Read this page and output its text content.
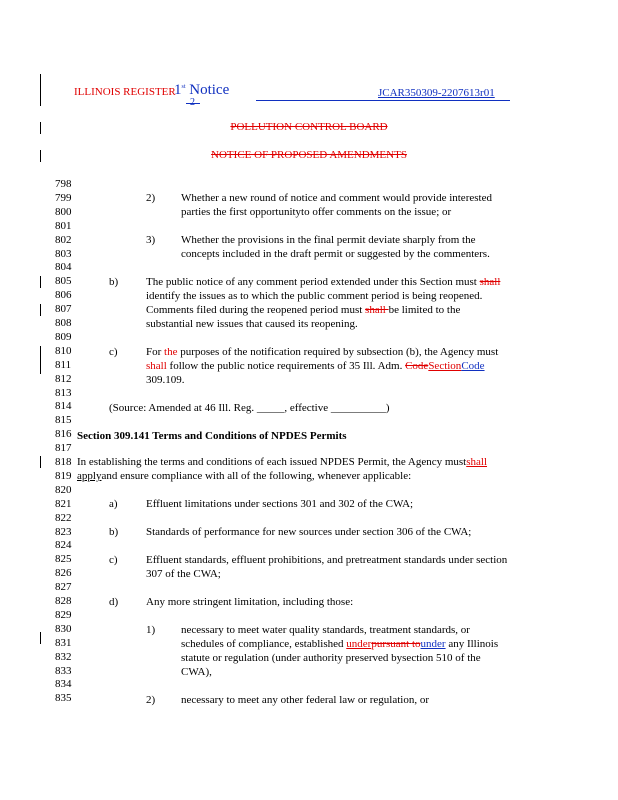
ILLINOIS REGISTER
1st Notice	JCAR350309-2207613r01
POLLUTION CONTROL BOARD
NOTICE OF PROPOSED AMENDMENTS
798
799
800
801
802
803
804
805
806
807
808
809
810
811
812
813
814
815
816
817
818
819
820
821
822
823
824
825
826
827
828
829
830
831
832
833
834
835
2) Whether a new round of notice and comment would provide interested
parties the first opportunityto offer comments on the issue; or
3) Whether the provisions in the final permit deviate sharply from the
concepts included in the draft permit or suggested by the commenters.
b)	The public notice of any comment period extended under this Section must shall
identify the issues as to which the public comment period is being reopened.
Comments filed during the reopened period must shall be limited to the
substantial new issues that caused its reopening.
c)	For the purposes of the notification required by subsection (b), the Agency must
shall follow the public notice requirements of 35 Ill. Adm. CodeSectionCode
309.109.
(Source: Amended at 46 Ill. Reg. _____, effective __________)
Section 309.141 Terms and Conditions of NPDES Permits
In establishing the terms and conditions of each issued NPDES Permit, the Agency mustshall
applyand ensure compliance with all of the following, whenever applicable:
a)	Effluent limitations under sections 301 and 302 of the CWA;
b)	Standards of performance for new sources under section 306 of the CWA;
c)	Effluent standards, effluent prohibitions, and pretreatment standards under section
307 of the CWA;
d)	Any more stringent limitation, including those:
1) necessary to meet water quality standards, treatment standards, or
schedules of compliance, established underpursuant tounder any Illinois
statute or regulation (under authority preserved bysection 510 of the
CWA),
2) necessary to meet any other federal law or regulation, or
